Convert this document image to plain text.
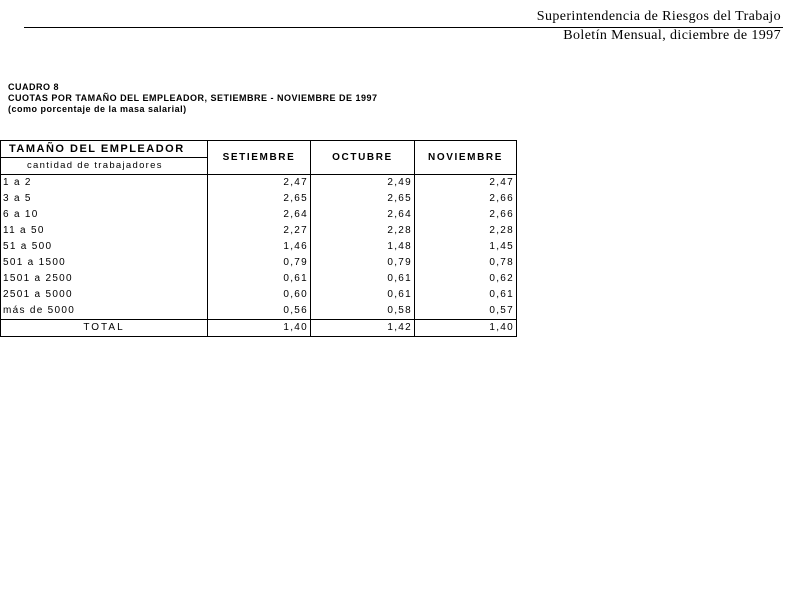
Superintendencia de Riesgos del Trabajo
Boletín Mensual, diciembre de 1997
CUADRO 8
CUOTAS POR TAMAÑO DEL EMPLEADOR, SETIEMBRE - NOVIEMBRE DE 1997
(como porcentaje de la masa salarial)
TAMAÑO DEL EMPLEADOR	SETIEMBRE	OCTUBRE	NOVIEMBRE
cantidad de trabajadores			
1 a 2	2,47	2,49	2,47
3 a 5	2,65	2,65	2,66
6 a 10	2,64	2,64	2,66
11 a 50	2,27	2,28	2,28
51 a 500	1,46	1,48	1,45
501 a 1500	0,79	0,79	0,78
1501 a 2500	0,61	0,61	0,62
2501 a 5000	0,60	0,61	0,61
más de 5000	0,56	0,58	0,57
TOTAL	1,40	1,42	1,40
